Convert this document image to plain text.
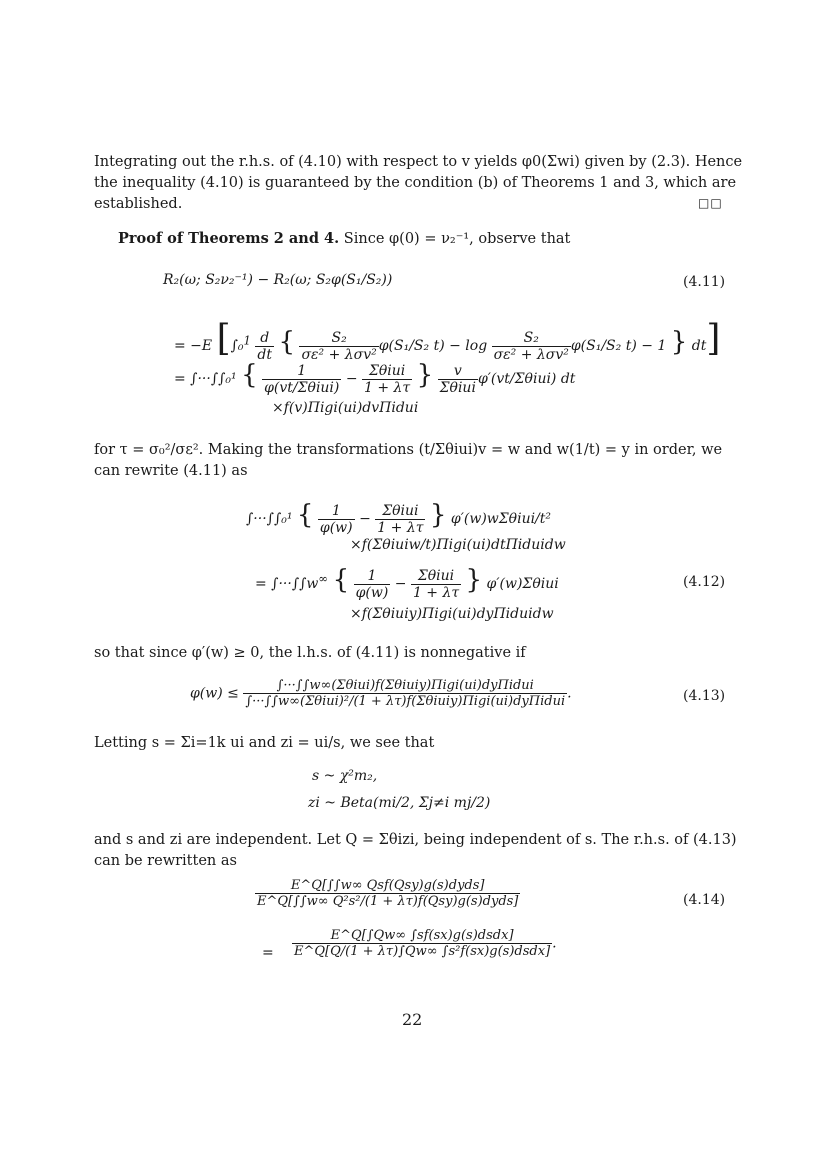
Integrating out the r.h.s. of (4.10) with respect to v yields φ0(Σwi) given by (2.3). Hence
the inequality (4.10) is guaranteed by the condition (b) of Theorems 1 and 3, which are
established.	□□
Proof of Theorems 2 and 4. Since φ(0) = ν₂⁻¹, observe that
R₂(ω; S₂ν₂⁻¹) − R₂(ω; S₂φ(S₁/S₂))	(4.11)
= −E [$\int_0^1 \frac{d}{dt}$ { $\frac{\text{S₂}}{\text{σε² + λσv²}} \varphi(S_1/S_2$ $t) - \log \frac{\text{S₂}}{\text{σε² + λσv²}} \varphi(S_1/S_2$ t) − 1 } dt]
= ∫···∫∫₀¹ { $\frac{1}{\text{φ(vt/Σθiui)}} - \frac{\text{Σθiui}}{1 + \lambda\tau}$ } $\frac{v}{\text{Σθiui}} \varphi'(vt/\Sigma\theta iui)$ dt
×f(v)Πigi(ui)dvΠidui
for τ = σ₀²/σε². Making the transformations (t/Σθiui)v = w and w(1/t) = y in order, we
can rewrite (4.11) as
∫···∫∫₀¹ { $\frac{1}{\varphi(w)} - \frac{\text{Σθiui}}{1 + \lambda\tau}$ } φ′(w)wΣθiui/t²
×f(Σθiuiw/t)Πigi(ui)dtΠiduidw
= ∫···∫∫w∞ { $\frac{1}{\varphi(w)} - \frac{\text{Σθiui}}{1 + \lambda\tau}$ } φ′(w)Σθiui	(4.12)
×f(Σθiuiy)Πigi(ui)dyΠiduidw
so that since φ′(w) ≥ 0, the l.h.s. of (4.11) is nonnegative if
$\varphi(w) \le \frac{\text{∫···∫∫w∞(Σθiui)f(Σθiuiy)Πigi(ui)dyΠidui}}{\text{∫···∫∫w∞(Σθiui)²/(1 + λτ)f(Σθiuiy)Πigi(ui)dyΠidui}}$ .	(4.13)
Letting s = Σi=1k ui and zi = ui/s, we see that
s ~ χ²m₂,
zi ~ Beta(mi/2, Σj≠i mj/2)
and s and zi are independent. Let Q = Σθizi, being independent of s. The r.h.s. of (4.13)
can be rewritten as
$\frac{\text{E\textasciicircum{}Q[∫∫w∞ Qsf(Qsy)g(s)dyds]}}{\text{E\textasciicircum{}Q[∫∫w∞ Q²s²/(1 + λτ)f(Qsy)g(s)dyds]}}$	(4.14)
= $\frac{\text{E\textasciicircum{}Q[∫Qw∞ ∫sf(sx)g(s)dsdx]}}{\text{E\textasciicircum{}Q[Q/(1 + λτ)∫Qw∞ ∫s²f(sx)g(s)dsdx]}}$ .
22
